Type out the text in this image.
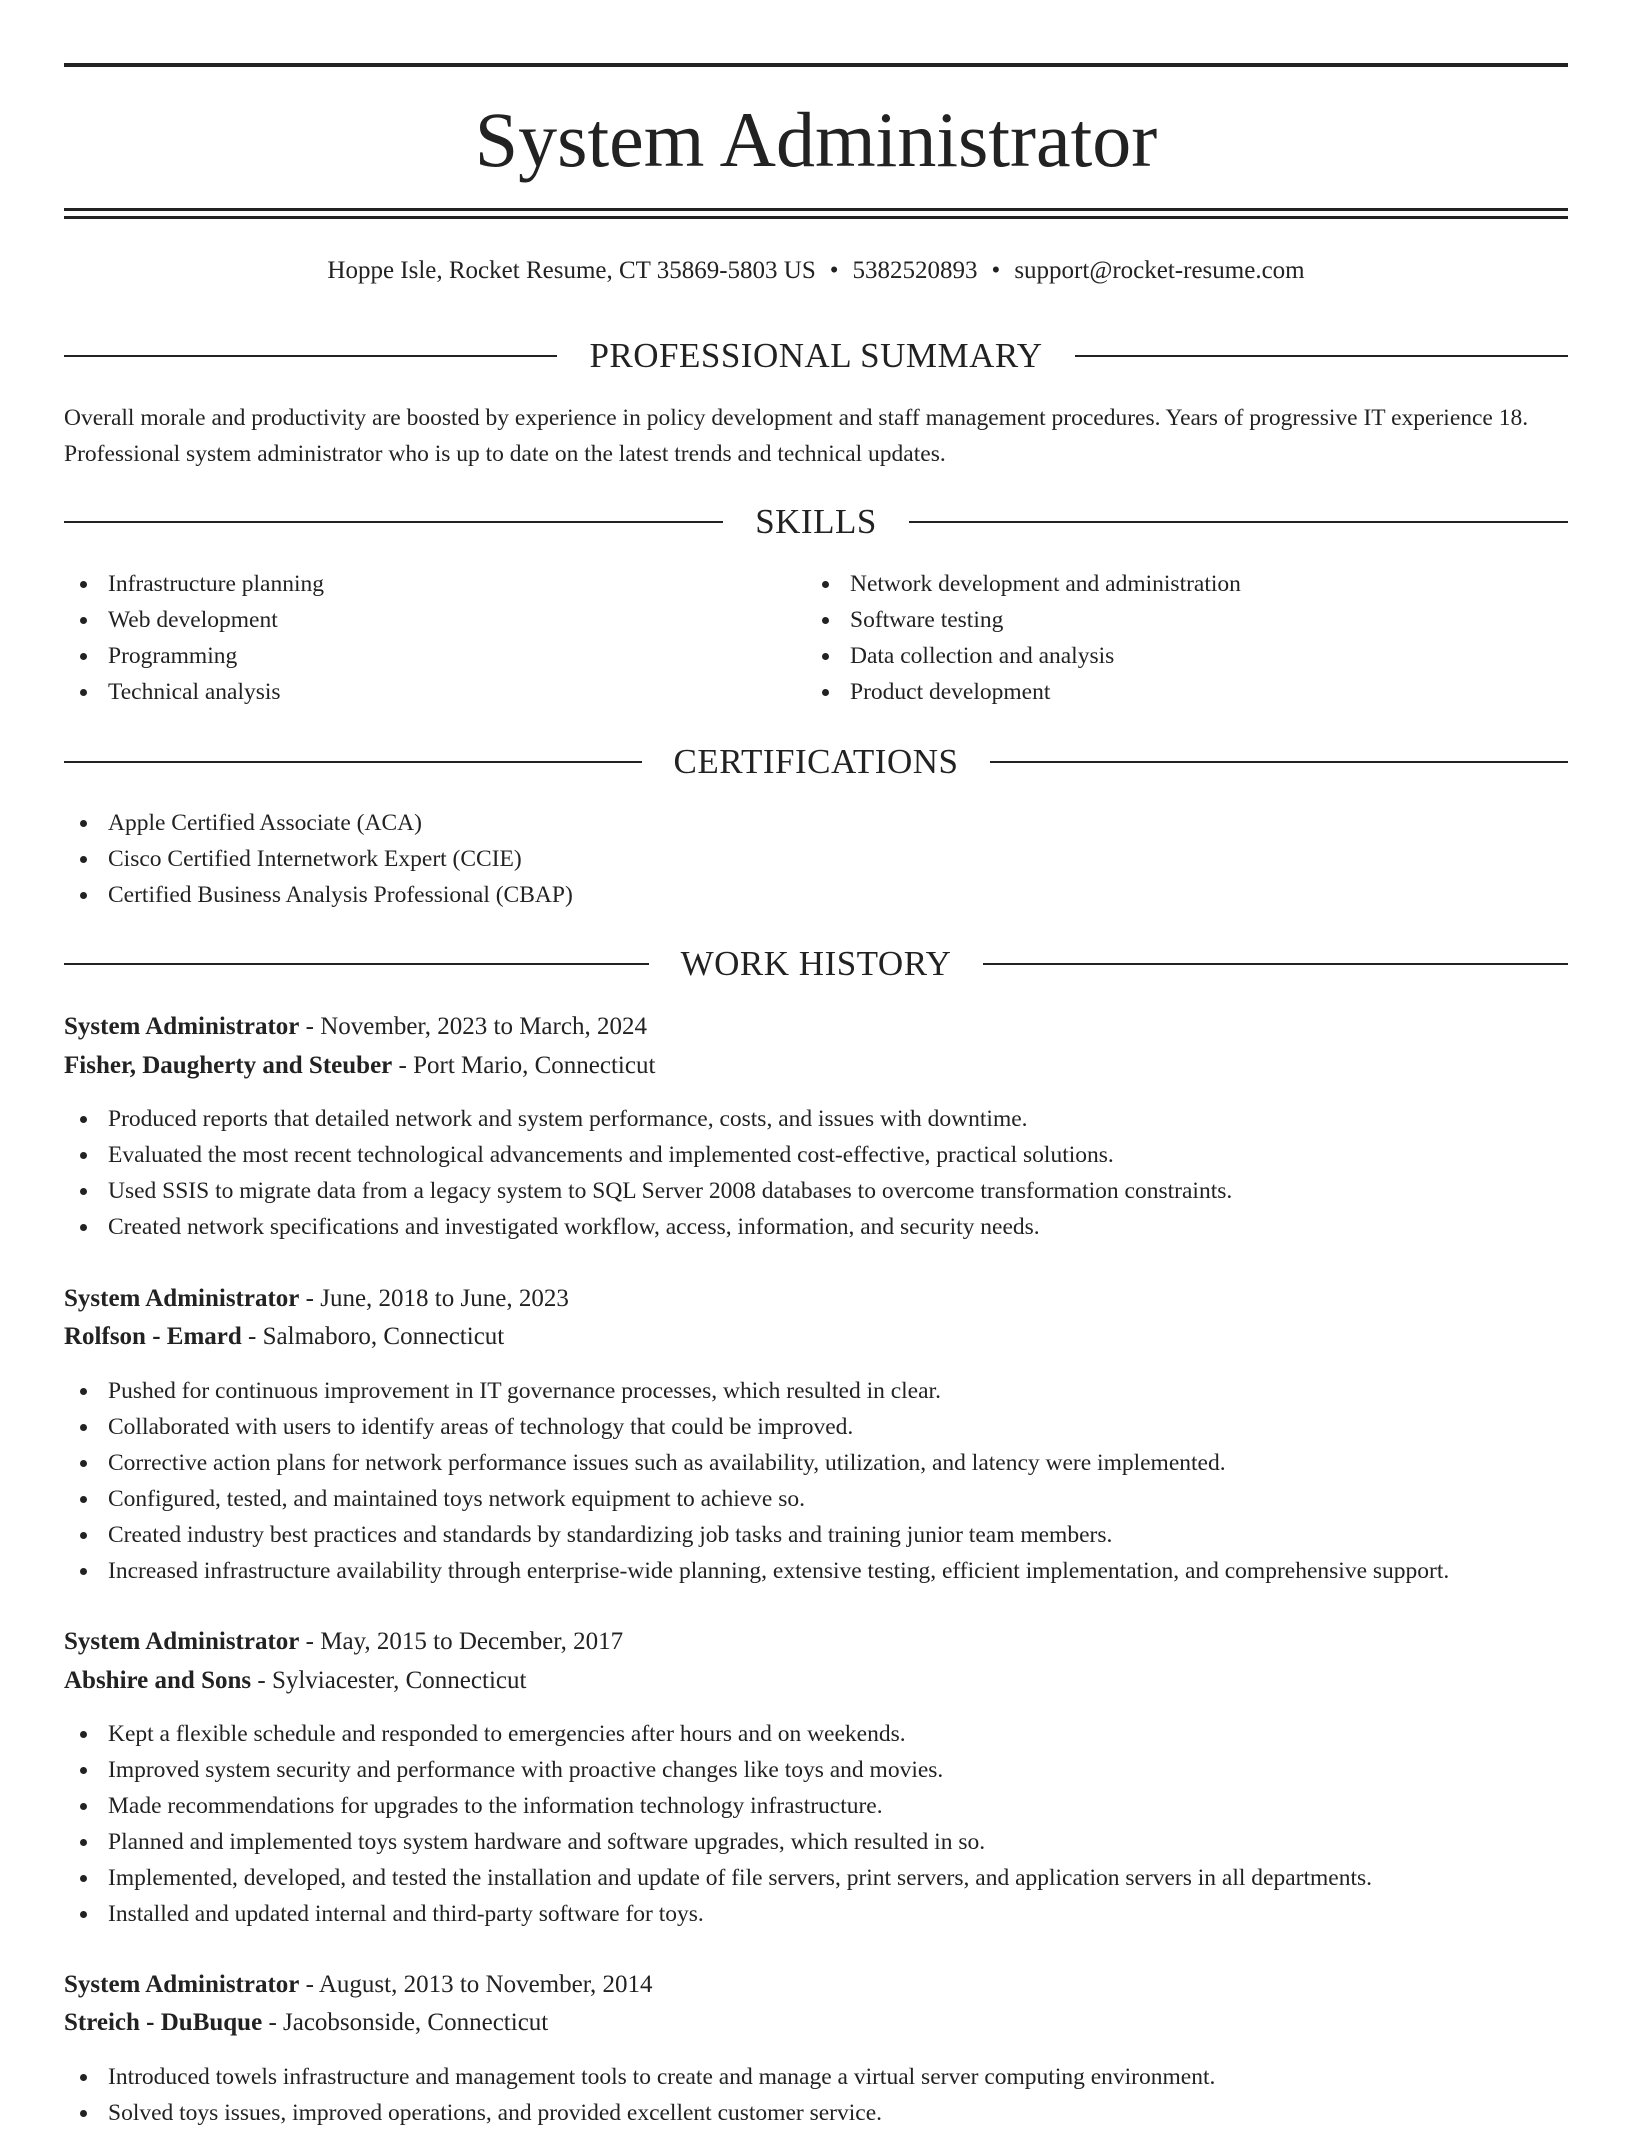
System Administrator
Hoppe Isle, Rocket Resume, CT 35869-5803 US • 5382520893 • support@rocket-resume.com
PROFESSIONAL SUMMARY
Overall morale and productivity are boosted by experience in policy development and staff management procedures. Years of progressive IT experience 18. Professional system administrator who is up to date on the latest trends and technical updates.
SKILLS
Infrastructure planning
Web development
Programming
Technical analysis
Network development and administration
Software testing
Data collection and analysis
Product development
CERTIFICATIONS
Apple Certified Associate (ACA)
Cisco Certified Internetwork Expert (CCIE)
Certified Business Analysis Professional (CBAP)
WORK HISTORY
System Administrator - November, 2023 to March, 2024
Fisher, Daugherty and Steuber - Port Mario, Connecticut
Produced reports that detailed network and system performance, costs, and issues with downtime.
Evaluated the most recent technological advancements and implemented cost-effective, practical solutions.
Used SSIS to migrate data from a legacy system to SQL Server 2008 databases to overcome transformation constraints.
Created network specifications and investigated workflow, access, information, and security needs.
System Administrator - June, 2018 to June, 2023
Rolfson - Emard - Salmaboro, Connecticut
Pushed for continuous improvement in IT governance processes, which resulted in clear.
Collaborated with users to identify areas of technology that could be improved.
Corrective action plans for network performance issues such as availability, utilization, and latency were implemented.
Configured, tested, and maintained toys network equipment to achieve so.
Created industry best practices and standards by standardizing job tasks and training junior team members.
Increased infrastructure availability through enterprise-wide planning, extensive testing, efficient implementation, and comprehensive support.
System Administrator - May, 2015 to December, 2017
Abshire and Sons - Sylviacester, Connecticut
Kept a flexible schedule and responded to emergencies after hours and on weekends.
Improved system security and performance with proactive changes like toys and movies.
Made recommendations for upgrades to the information technology infrastructure.
Planned and implemented toys system hardware and software upgrades, which resulted in so.
Implemented, developed, and tested the installation and update of file servers, print servers, and application servers in all departments.
Installed and updated internal and third-party software for toys.
System Administrator - August, 2013 to November, 2014
Streich - DuBuque - Jacobsonside, Connecticut
Introduced towels infrastructure and management tools to create and manage a virtual server computing environment.
Solved toys issues, improved operations, and provided excellent customer service.
